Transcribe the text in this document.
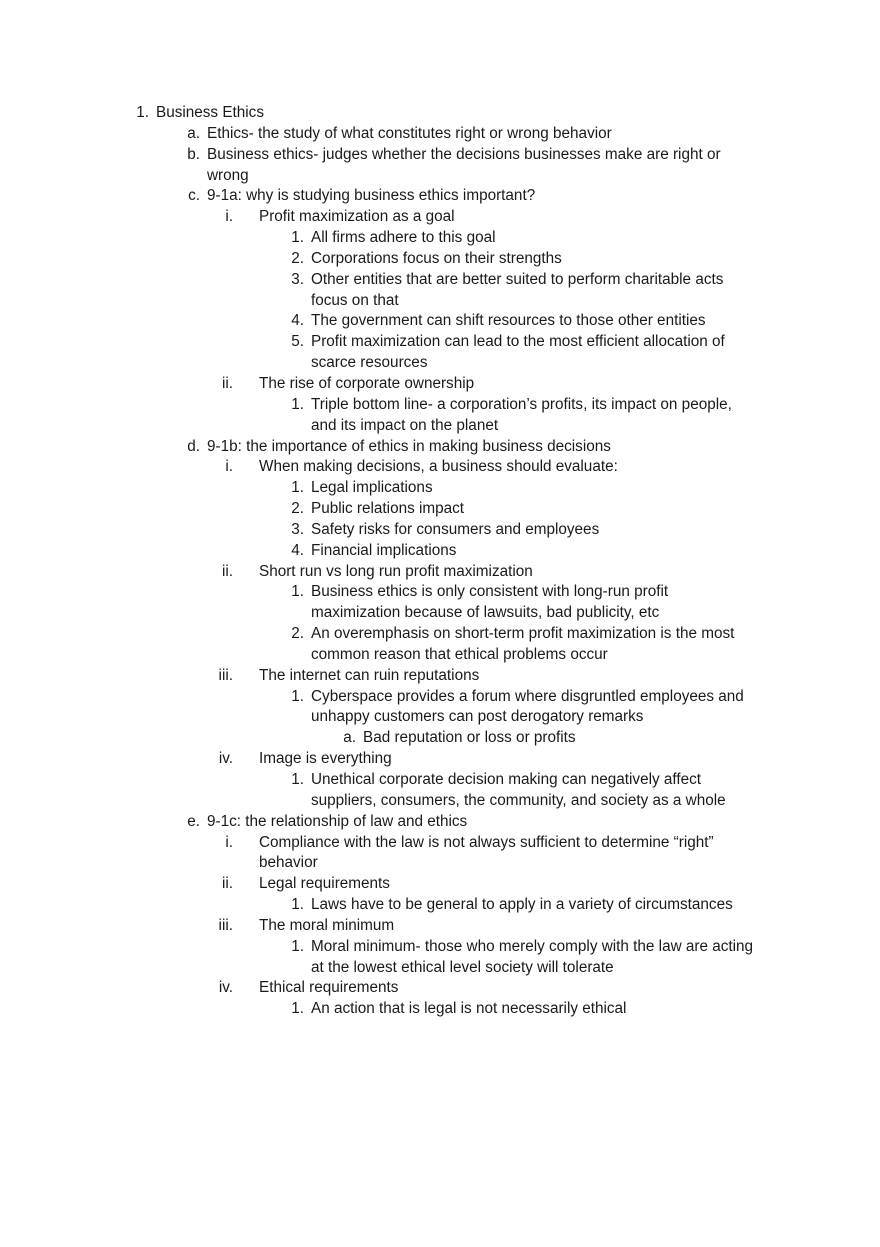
1. Business Ethics
a. Ethics- the study of what constitutes right or wrong behavior
b. Business ethics- judges whether the decisions businesses make are right or
wrong
c. 9-1a: why is studying business ethics important?
i. Profit maximization as a goal
1. All firms adhere to this goal
2. Corporations focus on their strengths
3. Other entities that are better suited to perform charitable acts
focus on that
4. The government can shift resources to those other entities
5. Profit maximization can lead to the most efficient allocation of
scarce resources
ii. The rise of corporate ownership
1. Triple bottom line- a corporation’s profits, its impact on people,
and its impact on the planet
d. 9-1b: the importance of ethics in making business decisions
i. When making decisions, a business should evaluate:
1. Legal implications
2. Public relations impact
3. Safety risks for consumers and employees
4. Financial implications
ii. Short run vs long run profit maximization
1. Business ethics is only consistent with long-run profit
maximization because of lawsuits, bad publicity, etc
2. An overemphasis on short-term profit maximization is the most
common reason that ethical problems occur
iii. The internet can ruin reputations
1. Cyberspace provides a forum where disgruntled employees and
unhappy customers can post derogatory remarks
a. Bad reputation or loss or profits
iv. Image is everything
1. Unethical corporate decision making can negatively affect
suppliers, consumers, the community, and society as a whole
e. 9-1c: the relationship of law and ethics
i. Compliance with the law is not always sufficient to determine “right”
behavior
ii. Legal requirements
1. Laws have to be general to apply in a variety of circumstances
iii. The moral minimum
1. Moral minimum- those who merely comply with the law are acting
at the lowest ethical level society will tolerate
iv. Ethical requirements
1. An action that is legal is not necessarily ethical
